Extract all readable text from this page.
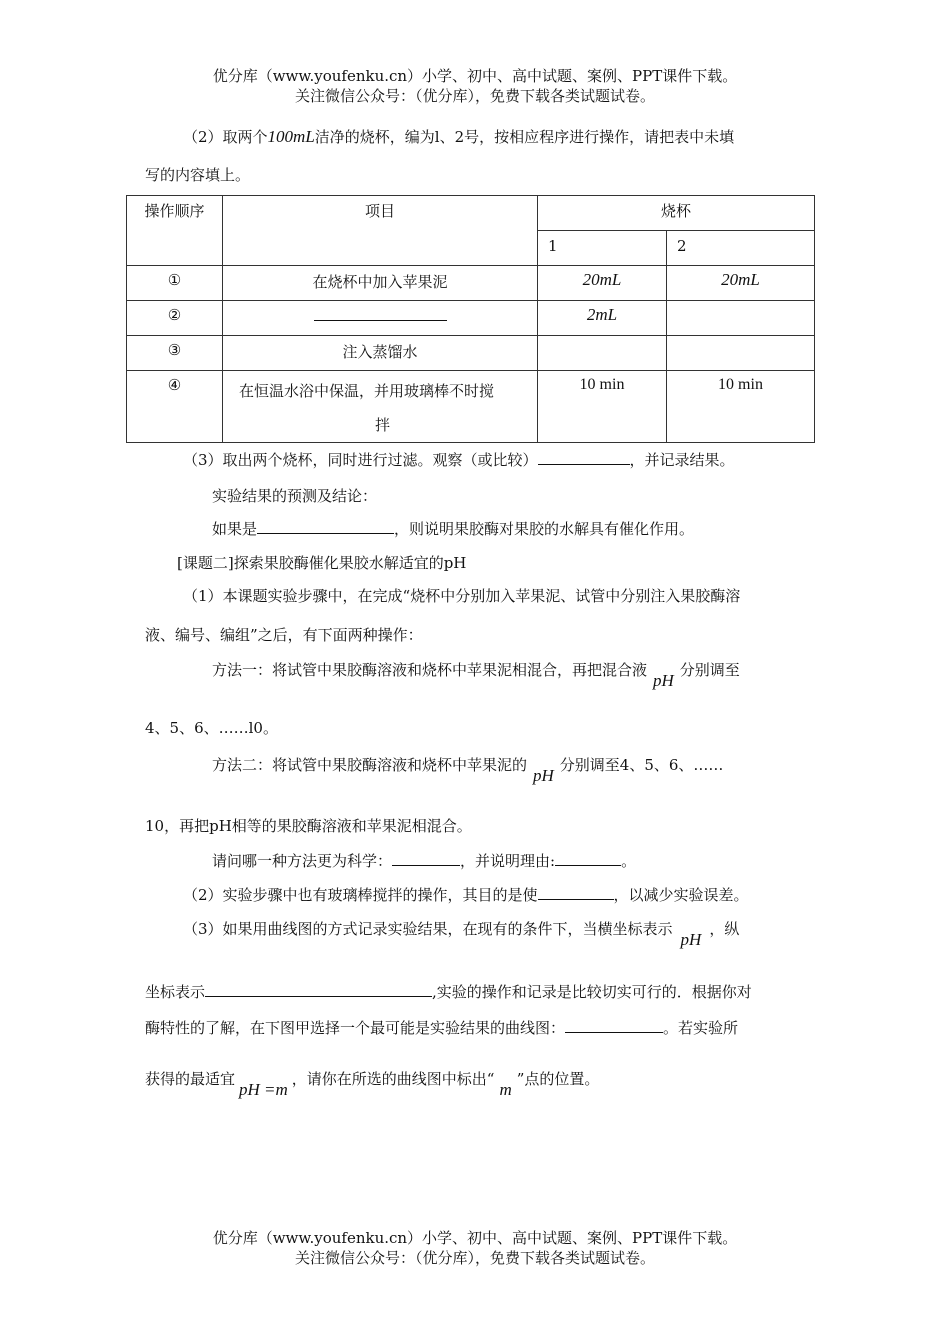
优分库（www.youfenku.cn）小学、初中、高中试题、案例、PPT课件下载。
关注微信公众号：（优分库），免费下载各类试题试卷。
（2）取两个100mL洁净的烧杯，编为l、2号，按相应程序进行操作，请把表中未填
写的内容填上。
操作顺序	项目	烧杯	
		1	2
①	在烧杯中加入苹果泥	20mL	20mL
②		2mL	
③	注入蒸馏水		
④	在恒温水浴中保温，并用玻璃棒不时搅
拌	10 min	10 min
（3）取出两个烧杯，同时进行过滤。观察（或比较）	，并记录结果。
实验结果的预测及结论：
如果是	，则说明果胶酶对果胶的水解具有催化作用。
[课题二]探索果胶酶催化果胶水解适宜的pH
（1）本课题实验步骤中，在完成“烧杯中分别加入苹果泥、试管中分别注入果胶酶溶
液、编号、编组”之后，有下面两种操作：
方法一：将试管中果胶酶溶液和烧杯中苹果泥相混合，再把混合液pH分别调至
4、5、6、……l0。
方法二：将试管中果胶酶溶液和烧杯中苹果泥的pH分别调至4、5、6、……
10，再把pH相等的果胶酶溶液和苹果泥相混合。
请问哪一种方法更为科学：	，并说明理由:	。
（2）实验步骤中也有玻璃棒搅拌的操作，其目的是使	，以减少实验误差。
（3）如果用曲线图的方式记录实验结果，在现有的条件下，当横坐标表示pH，纵
坐标表示	,实验的操作和记录是比较切实可行的．根据你对
酶特性的了解，在下图甲选择一个最可能是实验结果的曲线图：	。若实验所
获得的最适宜pH =m，请你在所选的曲线图中标出“m”点的位置。
优分库（www.youfenku.cn）小学、初中、高中试题、案例、PPT课件下载。
关注微信公众号：（优分库），免费下载各类试题试卷。
